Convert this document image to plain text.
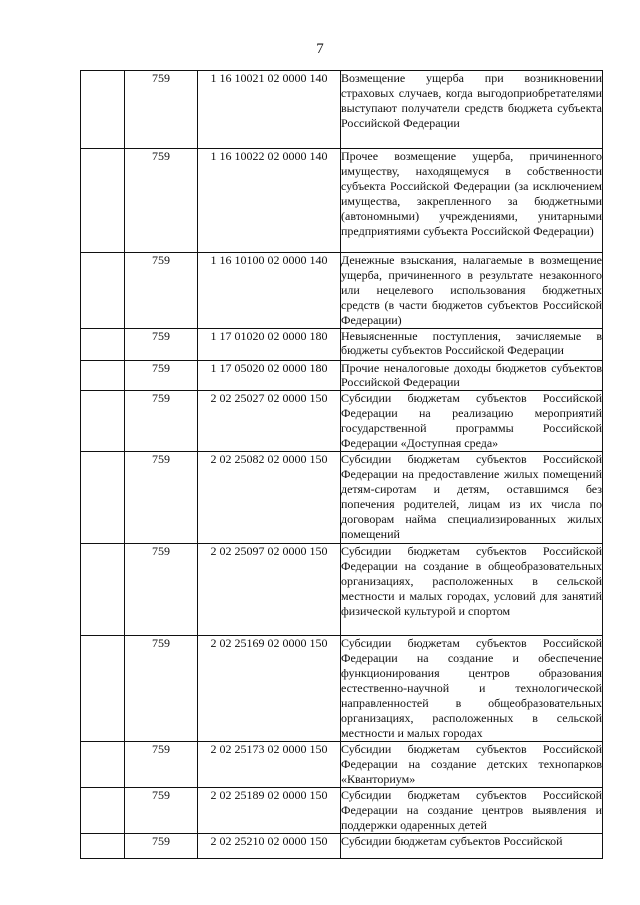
7
	759	1 16 10021 02 0000 140	Возмещение ущерба при возникновении страховых случаев, когда выгодоприобретателями выступают получатели средств бюджета субъекта Российской Федерации
	759	1 16 10022 02 0000 140	Прочее возмещение ущерба, причиненного имуществу, находящемуся в собственности субъекта Российской Федерации (за исключением имущества, закрепленного за бюджетными (автономными) учреждениями, унитарными предприятиями субъекта Российской Федерации)
	759	1 16 10100 02 0000 140	Денежные взыскания, налагаемые в возмещение ущерба, причиненного в результате незаконного или нецелевого использования бюджетных средств (в части бюджетов субъектов Российской Федерации)
	759	1 17 01020 02 0000 180	Невыясненные поступления, зачисляемые в бюджеты субъектов Российской Федерации
	759	1 17 05020 02 0000 180	Прочие неналоговые доходы бюджетов субъектов Российской Федерации
	759	2 02 25027 02 0000 150	Субсидии бюджетам субъектов Российской Федерации на реализацию мероприятий государственной программы Российской Федерации «Доступная среда»
	759	2 02 25082 02 0000 150	Субсидии бюджетам субъектов Российской Федерации на предоставление жилых помещений детям-сиротам и детям, оставшимся без попечения родителей, лицам из их числа по договорам найма специализированных жилых помещений
	759	2 02 25097 02 0000 150	Субсидии бюджетам субъектов Российской Федерации на создание в общеобразовательных организациях, расположенных в сельской местности и малых городах, условий для занятий физической культурой и спортом
	759	2 02 25169 02 0000 150	Субсидии бюджетам субъектов Российской Федерации на создание и обеспечение функционирования центров образования естественно-научной и технологической направленностей в общеобразовательных организациях, расположенных в сельской местности и малых городах
	759	2 02 25173 02 0000 150	Субсидии бюджетам субъектов Российской Федерации на создание детских технопарков «Кванториум»
	759	2 02 25189 02 0000 150	Субсидии бюджетам субъектов Российской Федерации на создание центров выявления и поддержки одаренных детей
	759	2 02 25210 02 0000 150	Субсидии бюджетам субъектов Российской
